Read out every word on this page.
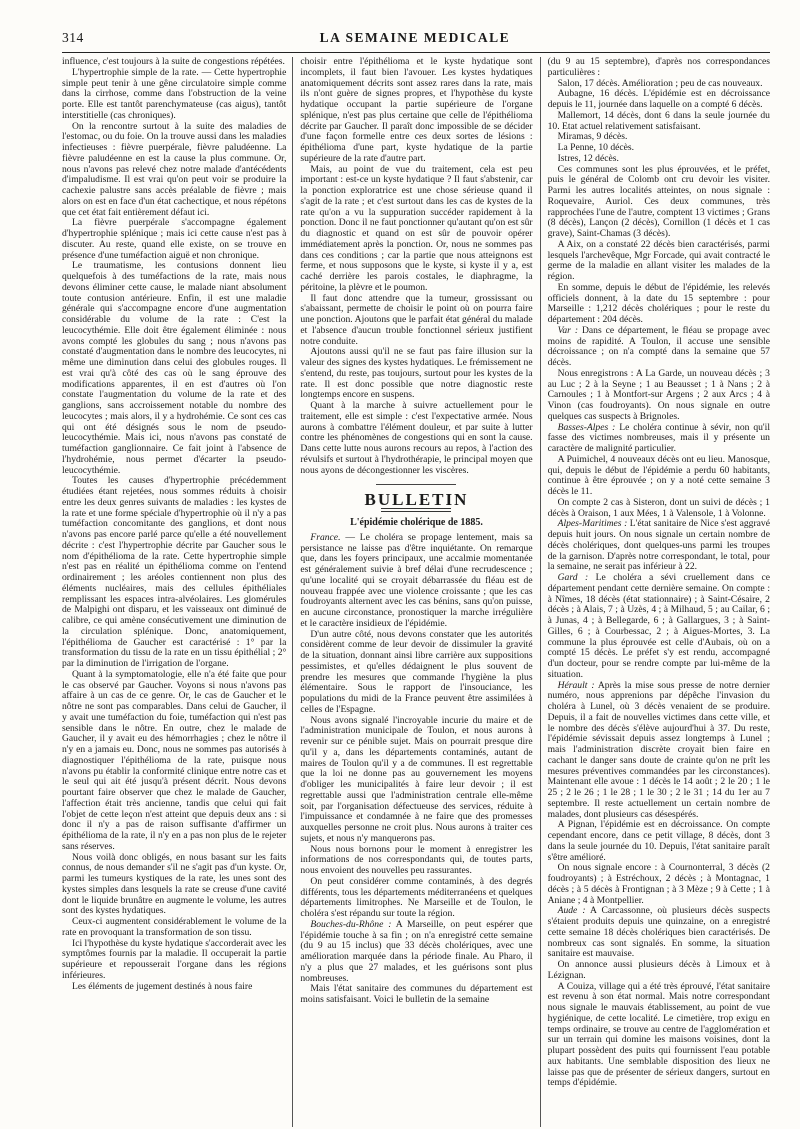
314	LA SEMAINE MEDICALE

influence, c'est toujours à la suite de congestions répétées.

L'hypertrophie simple de la rate. — Cette hypertrophie simple peut tenir à une gêne circulatoire simple comme dans la cirrhose, comme dans l'obstruction de la veine porte. Elle est tantôt parenchymateuse (cas aigus), tantôt interstitielle (cas chroniques).

On la rencontre surtout à la suite des maladies de l'estomac, ou du foie. On la trouve aussi dans les maladies infectieuses : fièvre puerpérale, fièvre paludéenne. La fièvre paludéenne en est la cause la plus commune. Or, nous n'avons pas relevé chez notre malade d'antécédents d'impaludisme. Il est vrai qu'on peut voir se produire la cachexie palustre sans accès préalable de fièvre ; mais alors on est en face d'un état cachectique, et nous répétons que cet état fait entièrement défaut ici.

La fièvre puerpérale s'accompagne également d'hypertrophie splénique ; mais ici cette cause n'est pas à discuter. Au reste, quand elle existe, on se trouve en présence d'une tuméfaction aiguë et non chronique.

Le traumatisme, les contusions donnent lieu quelquefois à des tuméfactions de la rate, mais nous devons éliminer cette cause, le malade niant absolument toute contusion antérieure. Enfin, il est une maladie générale qui s'accompagne encore d'une augmentation considérable du volume de la rate : C'est la leucocythémie. Elle doit être également éliminée : nous avons compté les globules du sang ; nous n'avons pas constaté d'augmentation dans le nombre des leucocytes, ni même une diminution dans celui des globules rouges. Il est vrai qu'à côté des cas où le sang éprouve des modifications apparentes, il en est d'autres où l'on constate l'augmentation du volume de la rate et des ganglions, sans accroissement notable du nombre des leucocytes ; mais alors, il y a hydrohémie. Ce sont ces cas qui ont été désignés sous le nom de pseudo-leucocythémie. Mais ici, nous n'avons pas constaté de tuméfaction ganglionnaire. Ce fait joint à l'absence de l'hydrohémie, nous permet d'écarter la pseudo-leucocythémie.

Toutes les causes d'hypertrophie précédemment étudiées étant rejetées, nous sommes réduits à choisir entre les deux genres suivants de maladies : les kystes de la rate et une forme spéciale d'hypertrophie où il n'y a pas tuméfaction concomitante des ganglions, et dont nous n'avons pas encore parlé parce qu'elle a été nouvellement décrite : c'est l'hypertrophie décrite par Gaucher sous le nom d'épithélioma de la rate. Cette hypertrophie simple n'est pas en réalité un épithélioma comme on l'entend ordinairement ; les aréoles contiennent non plus des éléments nucléaires, mais des cellules épithéliales remplissant les espaces intra-alvéolaires. Les glomérules de Malpighi ont disparu, et les vaisseaux ont diminué de calibre, ce qui amène consécutivement une diminution de la circulation splénique. Donc, anatomiquement, l'épithélioma de Gaucher est caractérisé : 1° par la transformation du tissu de la rate en un tissu épithélial ; 2° par la diminution de l'irrigation de l'organe.

Quant à la symptomatologie, elle n'a été faite que pour le cas observé par Gaucher. Voyons si nous n'avons pas affaire à un cas de ce genre. Or, le cas de Gaucher et le nôtre ne sont pas comparables. Dans celui de Gaucher, il y avait une tuméfaction du foie, tuméfaction qui n'est pas sensible dans le nôtre. En outre, chez le malade de Gaucher, il y avait eu des hémorrhagies ; chez le nôtre il n'y en a jamais eu. Donc, nous ne sommes pas autorisés à diagnostiquer l'épithélioma de la rate, puisque nous n'avons pu établir la conformité clinique entre notre cas et le seul qui ait été jusqu'à présent décrit. Nous devons pourtant faire observer que chez le malade de Gaucher, l'affection était très ancienne, tandis que celui qui fait l'objet de cette leçon n'est atteint que depuis deux ans : si donc il n'y a pas de raison suffisante d'affirmer un épithélioma de la rate, il n'y en a pas non plus de le rejeter sans réserves.

Nous voilà donc obligés, en nous basant sur les faits connus, de nous demander s'il ne s'agit pas d'un kyste. Or, parmi les tumeurs kystiques de la rate, les unes sont des kystes simples dans lesquels la rate se creuse d'une cavité dont le liquide brunâtre en augmente le volume, les autres sont des kystes hydatiques.

Ceux-ci augmentent considérablement le volume de la rate en provoquant la transformation de son tissu.

Ici l'hypothèse du kyste hydatique s'accorderait avec les symptômes fournis par la maladie. Il occuperait la partie supérieure et repousserait l'organe dans les régions inférieures.

Les éléments de jugement destinés à nous faire

choisir entre l'épithélioma et le kyste hydatique sont incomplets, il faut bien l'avouer. Les kystes hydatiques anatomiquement décrits sont assez rares dans la rate, mais ils n'ont guère de signes propres, et l'hypothèse du kyste hydatique occupant la partie supérieure de l'organe splénique, n'est pas plus certaine que celle de l'épithélioma décrite par Gaucher. Il paraît donc impossible de se décider d'une façon formelle entre ces deux sortes de lésions : épithélioma d'une part, kyste hydatique de la partie supérieure de la rate d'autre part.

Mais, au point de vue du traitement, cela est peu important : est-ce un kyste hydatique ? Il faut s'abstenir, car la ponction exploratrice est une chose sérieuse quand il s'agit de la rate ; et c'est surtout dans les cas de kystes de la rate qu'on a vu la suppuration succéder rapidement à la ponction. Donc il ne faut ponctionner qu'autant qu'on est sûr du diagnostic et quand on est sûr de pouvoir opérer immédiatement après la ponction. Or, nous ne sommes pas dans ces conditions ; car la partie que nous atteignons est ferme, et nous supposons que le kyste, si kyste il y a, est caché derrière les parois costales, le diaphragme, la péritoine, la plèvre et le poumon.

Il faut donc attendre que la tumeur, grossissant ou s'abaissant, permette de choisir le point où on pourra faire une ponction. Ajoutons que le parfait état général du malade et l'absence d'aucun trouble fonctionnel sérieux justifient notre conduite.

Ajoutons aussi qu'il ne se faut pas faire illusion sur la valeur des signes des kystes hydatiques. Le frémissement ne s'entend, du reste, pas toujours, surtout pour les kystes de la rate. Il est donc possible que notre diagnostic reste longtemps encore en suspens.

Quant à la marche à suivre actuellement pour le traitement, elle est simple : c'est l'expectative armée. Nous aurons à combattre l'élément douleur, et par suite à lutter contre les phénomènes de congestions qui en sont la cause. Dans cette lutte nous aurons recours au repos, à l'action des révulsifs et surtout à l'hydrothérapie, le principal moyen que nous ayons de décongestionner les viscères.

BULLETIN
L'épidémie cholérique de 1885.

France. — Le choléra se propage lentement, mais sa persistance ne laisse pas d'être inquiétante. On remarque que, dans les foyers principaux, une accalmie momentanée est généralement suivie à bref délai d'une recrudescence ; qu'une localité qui se croyait débarrassée du fléau est de nouveau frappée avec une violence croissante ; que les cas foudroyants alternent avec les cas bénins, sans qu'on puisse, en aucune circonstance, pronostiquer la marche irrégulière et le caractère insidieux de l'épidémie.

D'un autre côté, nous devons constater que les autorités considèrent comme de leur devoir de dissimuler la gravité de la situation, donnant ainsi libre carrière aux suppositions pessimistes, et qu'elles dédaignent le plus souvent de prendre les mesures que commande l'hygiène la plus élémentaire. Sous le rapport de l'insouciance, les populations du midi de la France peuvent être assimilées à celles de l'Espagne.

Nous avons signalé l'incroyable incurie du maire et de l'administration municipale de Toulon, et nous aurons à revenir sur ce pénible sujet. Mais on pourrait presque dire qu'il y a, dans les départements contaminés, autant de maires de Toulon qu'il y a de communes. Il est regrettable que la loi ne donne pas au gouvernement les moyens d'obliger les municipalités à faire leur devoir ; il est regrettable aussi que l'administration centrale elle-même soit, par l'organisation défectueuse des services, réduite à l'impuissance et condamnée à ne faire que des promesses auxquelles personne ne croit plus. Nous aurons à traiter ces sujets, et nous n'y manquerons pas.

Nous nous bornons pour le moment à enregistrer les informations de nos correspondants qui, de toutes parts, nous envoient des nouvelles peu rassurantes.

On peut considérer comme contaminés, à des degrés différents, tous les départements méditerranéens et quelques départements limitrophes. Ne Marseille et de Toulon, le choléra s'est répandu sur toute la région.

Bouches-du-Rhône : A Marseille, on peut espérer que l'épidémie touche à sa fin ; on n'a enregistré cette semaine (du 9 au 15 inclus) que 33 décès cholériques, avec une amélioration marquée dans la période finale. Au Pharo, il n'y a plus que 27 malades, et les guérisons sont plus nombreuses.

Mais l'état sanitaire des communes du département est moins satisfaisant. Voici le bulletin de la semaine

(du 9 au 15 septembre), d'après nos correspondances particulières :

Salon, 17 décès. Amélioration ; peu de cas nouveaux.

Aubagne, 16 décès. L'épidémie est en décroissance depuis le 11, journée dans laquelle on a compté 6 décès.

Mallemort, 14 décès, dont 6 dans la seule journée du 10. Etat actuel relativement satisfaisant.

Miramas, 9 décès.

La Penne, 10 décès.

Istres, 12 décès.

Ces communes sont les plus éprouvées, et le préfet, puis le général de Colomb ont cru devoir les visiter. Parmi les autres localités atteintes, on nous signale : Roquevaire, Auriol. Ces deux communes, très rapprochées l'une de l'autre, comptent 13 victimes ; Grans (8 décès), Lançon (2 décès), Cornillon (1 décès et 1 cas grave), Saint-Chamas (3 décès).

A Aix, on a constaté 22 décès bien caractérisés, parmi lesquels l'archevêque, Mgr Forcade, qui avait contracté le germe de la maladie en allant visiter les malades de la région.

En somme, depuis le début de l'épidémie, les relevés officiels donnent, à la date du 15 septembre : pour Marseille : 1,212 décès cholériques ; pour le reste du département : 204 décès.

Var : Dans ce département, le fléau se propage avec moins de rapidité. A Toulon, il accuse une sensible décroissance ; on n'a compté dans la semaine que 57 décès.

Nous enregistrons : A La Garde, un nouveau décès ; 3 au Luc ; 2 à la Seyne ; 1 au Beausset ; 1 à Nans ; 2 à Carnoules ; 1 à Montfort-sur Argens ; 2 aux Arcs ; 4 à Vinon (cas foudroyants). On nous signale en outre quelques cas suspects à Brignoles.

Basses-Alpes : Le choléra continue à sévir, non qu'il fasse des victimes nombreuses, mais il y présente un caractère de malignité particulier.

A Puimichel, 4 nouveaux décès ont eu lieu. Manosque, qui, depuis le début de l'épidémie a perdu 60 habitants, continue à être éprouvée ; on y a noté cette semaine 3 décès le 11.

On compte 2 cas à Sisteron, dont un suivi de décès ; 1 décès à Oraison, 1 aux Mées, 1 à Valensole, 1 à Volonne.

Alpes-Maritimes : L'état sanitaire de Nice s'est aggravé depuis huit jours. On nous signale un certain nombre de décès cholériques, dont quelques-uns parmi les troupes de la garnison. D'après notre correspondant, le total, pour la semaine, ne serait pas inférieur à 22.

Gard : Le choléra a sévi cruellement dans ce département pendant cette dernière semaine. On compte : à Nîmes, 18 décès (état stationnaire) ; à Saint-Césaire, 2 décès ; à Alais, 7 ; à Uzès, 4 ; à Milhaud, 5 ; au Cailar, 6 ; à Junas, 4 ; à Bellegarde, 6 ; à Gallargues, 3 ; à Saint-Gilles, 6 ; à Courbessac, 2 ; à Aigues-Mortes, 3. La commune la plus éprouvée est celle d'Aubais, où on a compté 15 décès. Le préfet s'y est rendu, accompagné d'un docteur, pour se rendre compte par lui-même de la situation.

Hérault : Après la mise sous presse de notre dernier numéro, nous apprenions par dépêche l'invasion du choléra à Lunel, où 3 décès venaient de se produire. Depuis, il a fait de nouvelles victimes dans cette ville, et le nombre des décès s'élève aujourd'hui à 37. Du reste, l'épidémie sévissait depuis assez longtemps à Lunel ; mais l'administration discrète croyait bien faire en cachant le danger sans doute de crainte qu'on ne prît les mesures préventives commandées par les circonstances). Maintenant elle avoue : 1 décès le 14 août ; 2 le 20 ; 1 le 25 ; 2 le 26 ; 1 le 28 ; 1 le 30 ; 2 le 31 ; 14 du 1er au 7 septembre. Il reste actuellement un certain nombre de malades, dont plusieurs cas désespérés.

A Pignan, l'épidémie est en décroissance. On compte cependant encore, dans ce petit village, 8 décès, dont 3 dans la seule journée du 10. Depuis, l'état sanitaire paraît s'être amélioré.

On nous signale encore : à Cournonterral, 3 décès (2 foudroyants) ; à Estréchoux, 2 décès ; à Montagnac, 1 décès ; à 5 décès à Frontignan ; à 3 Mèze ; 9 à Cette ; 1 à Aniane ; 4 à Montpellier.

Aude : A Carcassonne, où plusieurs décès suspects s'étaient produits depuis une quinzaine, on a enregistré cette semaine 18 décès cholériques bien caractérisés. De nombreux cas sont signalés. En somme, la situation sanitaire est mauvaise.

On annonce aussi plusieurs décès à Limoux et à Lézignan.

A Couiza, village qui a été très éprouvé, l'état sanitaire est revenu à son état normal. Mais notre correspondant nous signale le mauvais établissement, au point de vue hygiénique, de cette localité. Le cimetière, trop exigu en temps ordinaire, se trouve au centre de l'agglomération et sur un terrain qui domine les maisons voisines, dont la plupart possèdent des puits qui fournissent l'eau potable aux habitants. Une semblable disposition des lieux ne laisse pas que de présenter de sérieux dangers, surtout en temps d'épidémie.
